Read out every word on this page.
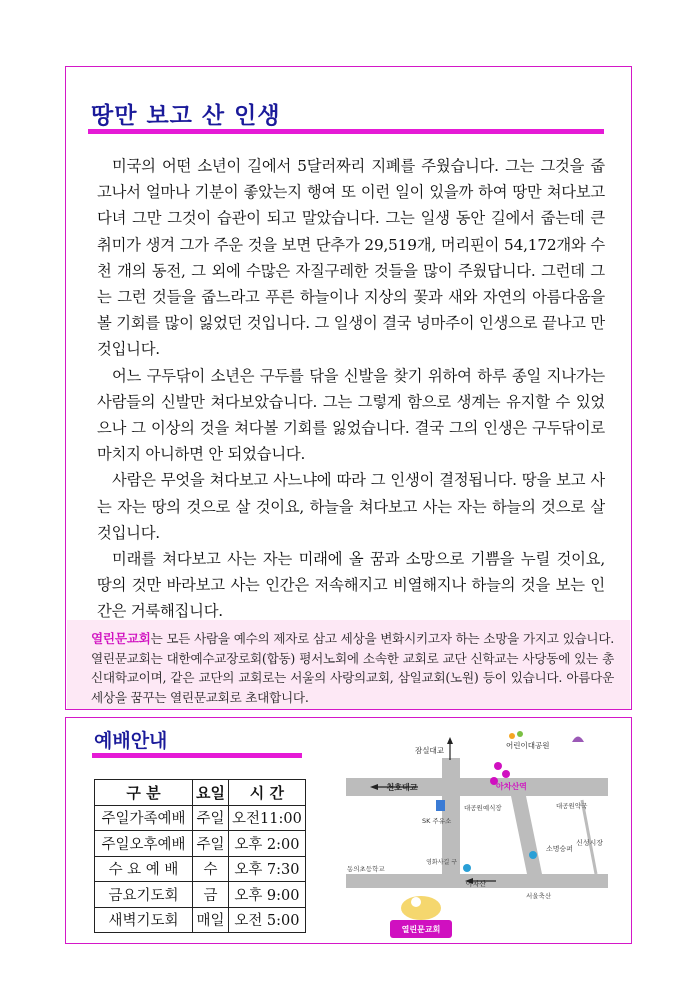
땅만 보고 산 인생

미국의 어떤 소년이 길에서 5달러짜리 지폐를 주웠습니다. 그는 그것을 줍고나서 얼마나 기분이 좋았는지 행여 또 이런 일이 있을까 하여 땅만 쳐다보고 다녀 그만 그것이 습관이 되고 말았습니다. 그는 일생 동안 길에서 줍는데 큰 취미가 생겨 그가 주운 것을 보면 단추가 29,519개, 머리핀이 54,172개와 수천 개의 동전, 그 외에 수많은 자질구레한 것들을 많이 주웠답니다. 그런데 그는 그런 것들을 줍느라고 푸른 하늘이나 지상의 꽃과 새와 자연의 아름다움을 볼 기회를 많이 잃었던 것입니다. 그 일생이 결국 넝마주이 인생으로 끝나고 만 것입니다.

어느 구두닦이 소년은 구두를 닦을 신발을 찾기 위하여 하루 종일 지나가는 사람들의 신발만 쳐다보았습니다. 그는 그렇게 함으로 생계는 유지할 수 있었으나 그 이상의 것을 쳐다볼 기회를 잃었습니다. 결국 그의 인생은 구두닦이로 마치지 아니하면 안 되었습니다.

사람은 무엇을 쳐다보고 사느냐에 따라 그 인생이 결정됩니다. 땅을 보고 사는 자는 땅의 것으로 살 것이요, 하늘을 쳐다보고 사는 자는 하늘의 것으로 살 것입니다.

미래를 쳐다보고 사는 자는 미래에 올 꿈과 소망으로 기쁨을 누릴 것이요, 땅의 것만 바라보고 사는 인간은 저속해지고 비열해지나 하늘의 것을 보는 인간은 거룩해집니다.

열린문교회는 모든 사람을 예수의 제자로 삼고 세상을 변화시키고자 하는 소망을 가지고 있습니다. 열린문교회는 대한예수교장로회(합동) 평서노회에 소속한 교회로 교단 신학교는 사당동에 있는 총신대학교이며, 같은 교단의 교회로는 서울의 사랑의교회, 삼일교회(노원) 등이 있습니다. 아름다운 세상을 꿈꾸는 열린문교회로 초대합니다.
예배안내
구 분	요일	시 간
주일가족예배	주일	오전11:00
주일오후예배	주일	오후 2:00
수 요 예 배	수	오후 7:30
금요기도회	금	오후 9:00
새벽기도회	매일	오전 5:00
잠실대교
어린이대공원
천호대교	아차산역
대공원예식장	대공원약국
SK 주유소
소명승퍼
신성시장
동의초등학교
영화사길 구
아차산
서울축산
열린문교회
